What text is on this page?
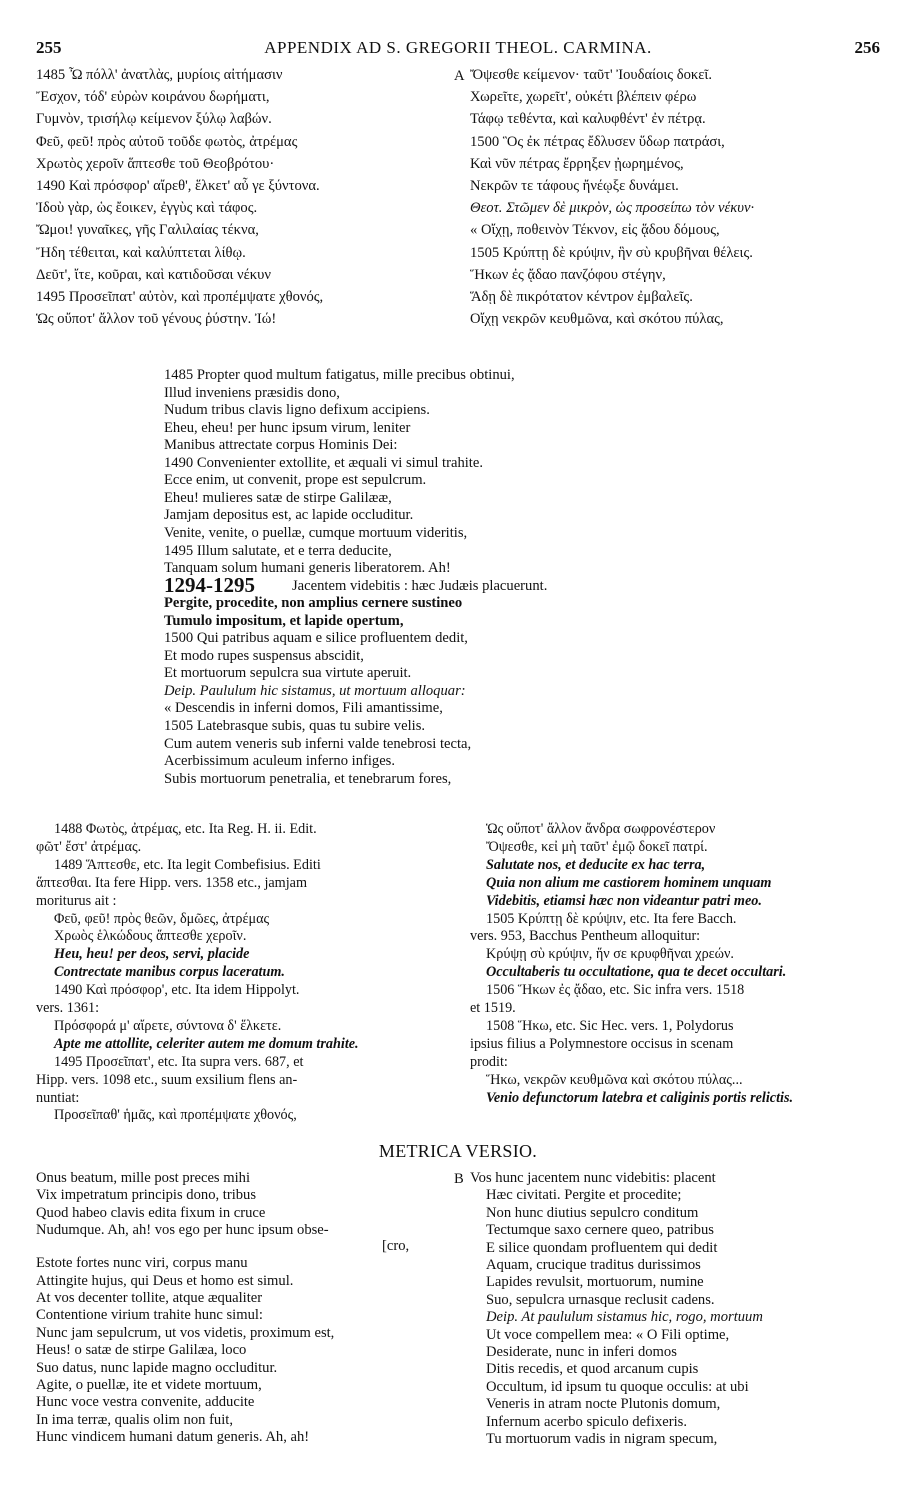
255	APPENDIX AD S. GREGORII THEOL. CARMINA.	256
1485 Ὦ πόλλ' ἀνατλὰς, μυρίοις αἰτήμασιν
Ἔσχον, τόδ' εὑρὼν κοιράνου δωρήματι,
Γυμνὸν, τρισήλῳ κείμενον ξύλῳ λαβών.
Φεῦ, φεῦ! πρὸς αὐτοῦ τοῦδε φωτὸς, ἀτρέμας
Χρωτὸς χεροῖν ἅπτεσθε τοῦ Θεοβρότου·
1490 Καὶ πρόσφορ' αἴρεθ', ἕλκετ' αὖ γε ξύντονα.
Ἰδοὺ γὰρ, ὡς ἔοικεν, ἐγγὺς καὶ τάφος.
Ὤμοι! γυναῖκες, γῆς Γαλιλαίας τέκνα,
Ἤδη τέθειται, καὶ καλύπτεται λίθῳ.
Δεῦτ', ἴτε, κοῦραι, καὶ κατιδοῦσαι νέκυν
1495 Προσεῖπατ' αὐτὸν, καὶ προπέμψατε χθονός,
Ὡς οὔποτ' ἄλλον τοῦ γένους ῥύστην. Ἰώ!
A Ὄψεσθε κείμενον· ταῦτ' Ἰουδαίοις δοκεῖ.
Χωρεῖτε, χωρεῖτ', οὐκέτι βλέπειν φέρω
Τάφῳ τεθέντα, καὶ καλυφθέντ' ἐν πέτρᾳ.
1500 Ὃς ἐκ πέτρας ἔδλυσεν ὕδωρ πατράσι,
Καὶ νῦν πέτρας ἔρρηξεν ᾐωρημένος,
Νεκρῶν τε τάφους ἤνέῳξε δυνάμει.
Θεοτ. Στῶμεν δὲ μικρὸν, ὡς προσείπω τὸν νέκυν·
« Οἴχῃ, ποθεινὸν Τέκνον, εἰς ᾅδου δόμους,
1505 Κρύπτῃ δὲ κρύψιν, ἣν σὺ κρυβῆναι θέλεις.
Ἥκων ἐς ᾄδαο πανζόφου στέγην,
Ἅδῃ δὲ πικρότατον κέντρον ἐμβαλεῖς.
Οἴχῃ νεκρῶν κευθμῶνα, καὶ σκότου πύλας,
1485 Propter quod multum fatigatus, mille precibus obtinui,
Illud inveniens præsidis dono,
Nudum tribus clavis ligno defixum accipiens.
Eheu, eheu! per hunc ipsum virum, leniter
Manibus attrectate corpus Hominis Dei:
1490 Convenienter extollite, et æquali vi simul trahite.
Ecce enim, ut convenit, prope est sepulcrum.
Eheu! mulieres satæ de stirpe Galilææ,
Jamjam depositus est, ac lapide occluditur.
Venite, venite, o puellæ, cumque mortuum videritis,
1495 Illum salutate, et e terra deducite,
Tanquam solum humani generis liberatorem. Ah!
Jacentem videbitis : hæc Judæis placuerunt.
Pergite, procedite, non amplius cernere sustineo
Tumulo impositum, et lapide opertum,
1500 Qui patribus aquam e silice profluentem dedit,
Et modo rupes suspensus abscidit,
Et mortuorum sepulcra sua virtute aperuit.
Deip. Paululum hic sistamus, ut mortuum alloquar:
« Descendis in inferni domos, Fili amantissime,
1505 Latebrasque subis, quas tu subire velis.
Cum autem veneris sub inferni valde tenebrosi tecta,
Acerbissimum aculeum inferno infiges.
Subis mortuorum penetralia, et tenebrarum fores,
1294-1295
1488 Φωτὸς, ἀτρέμας, etc. Ita Reg. H. ii. Edit.
φῶτ' ἔστ' ἀτρέμας.
1489 Ἅπτεσθε, etc. Ita legit Combefisius. Editi
ἅπτεσθαι. Ita fere Hipp. vers. 1358 etc., jamjam
moriturus ait :
Φεῦ, φεῦ! πρὸς θεῶν, δμῶες, ἀτρέμας
Χρωὸς ἑλκώδους ἅπτεσθε χεροῖν.
Heu, heu! per deos, servi, placide
Contrectate manibus corpus laceratum.
1490 Καὶ πρόσφορ', etc. Ita idem Hippolyt.
vers. 1361:
Πρόσφορά μ' αἴρετε, σύντονα δ' ἕλκετε.
Apte me attollite, celeriter autem me domum trahite.
1495 Προσεῖπατ', etc. Ita supra vers. 687, et
Hipp. vers. 1098 etc., suum exsilium flens an-
nuntiat:
Προσεῖπαθ' ἡμᾶς, καὶ προπέμψατε χθονός,
Ὡς οὔποτ' ἄλλον ἄνδρα σωφρονέστερον
Ὄψεσθε, κεἰ μὴ ταῦτ' ἐμῷ δοκεῖ πατρί.
Salutate nos, et deducite ex hac terra,
Quia non alium me castiorem hominem unquam
Videbitis, etiamsi hæc non videantur patri meo.
1505 Κρύπτῃ δὲ κρύψιν, etc. Ita fere Bacch.
vers. 953, Bacchus Pentheum alloquitur:
Κρύψῃ σὺ κρύψιν, ἥν σε κρυφθῆναι χρεών.
Occultaberis tu occultatione, qua te decet occultari.
1506 Ἥκων ἐς ᾄδαο, etc. Sic infra vers. 1518
et 1519.
1508 Ἥκω, etc. Sic Hec. vers. 1, Polydorus
ipsius filius a Polymnestore occisus in scenam
prodit:
Ἥκω, νεκρῶν κευθμῶνα καὶ σκότου πύλας...
Venio defunctorum latebra et caliginis portis relictis.
METRICA VERSIO.
Onus beatum, mille post preces mihi
Vix impetratum principis dono, tribus
Quod habeo clavis edita fixum in cruce
Nudumque. Ah, ah! vos ego per hunc ipsum obse-
[cro,
Estote fortes nunc viri, corpus manu
Attingite hujus, qui Deus et homo est simul.
At vos decenter tollite, atque æqualiter
Contentione virium trahite hunc simul:
Nunc jam sepulcrum, ut vos videtis, proximum est,
Heus! o satæ de stirpe Galilæa, loco
Suo datus, nunc lapide magno occluditur.
Agite, o puellæ, ite et videte mortuum,
Hunc voce vestra convenite, adducite
In ima terræ, qualis olim non fuit,
Hunc vindicem humani datum generis. Ah, ah!
B Vos hunc jacentem nunc videbitis: placent
Hæc civitati. Pergite et procedite;
Non hunc diutius sepulcro conditum
Tectumque saxo cernere queo, patribus
E silice quondam profluentem qui dedit
Aquam, crucique traditus durissimos
Lapides revulsit, mortuorum, numine
Suo, sepulcra urnasque reclusit cadens.
Deip. At paululum sistamus hic, rogo, mortuum
Ut voce compellem mea: « O Fili optime,
Desiderate, nunc in inferi domos
Ditis recedis, et quod arcanum cupis
Occultum, id ipsum tu quoque occulis: at ubi
Veneris in atram nocte Plutonis domum,
Infernum acerbo spiculo defixeris.
Tu mortuorum vadis in nigram specum,
